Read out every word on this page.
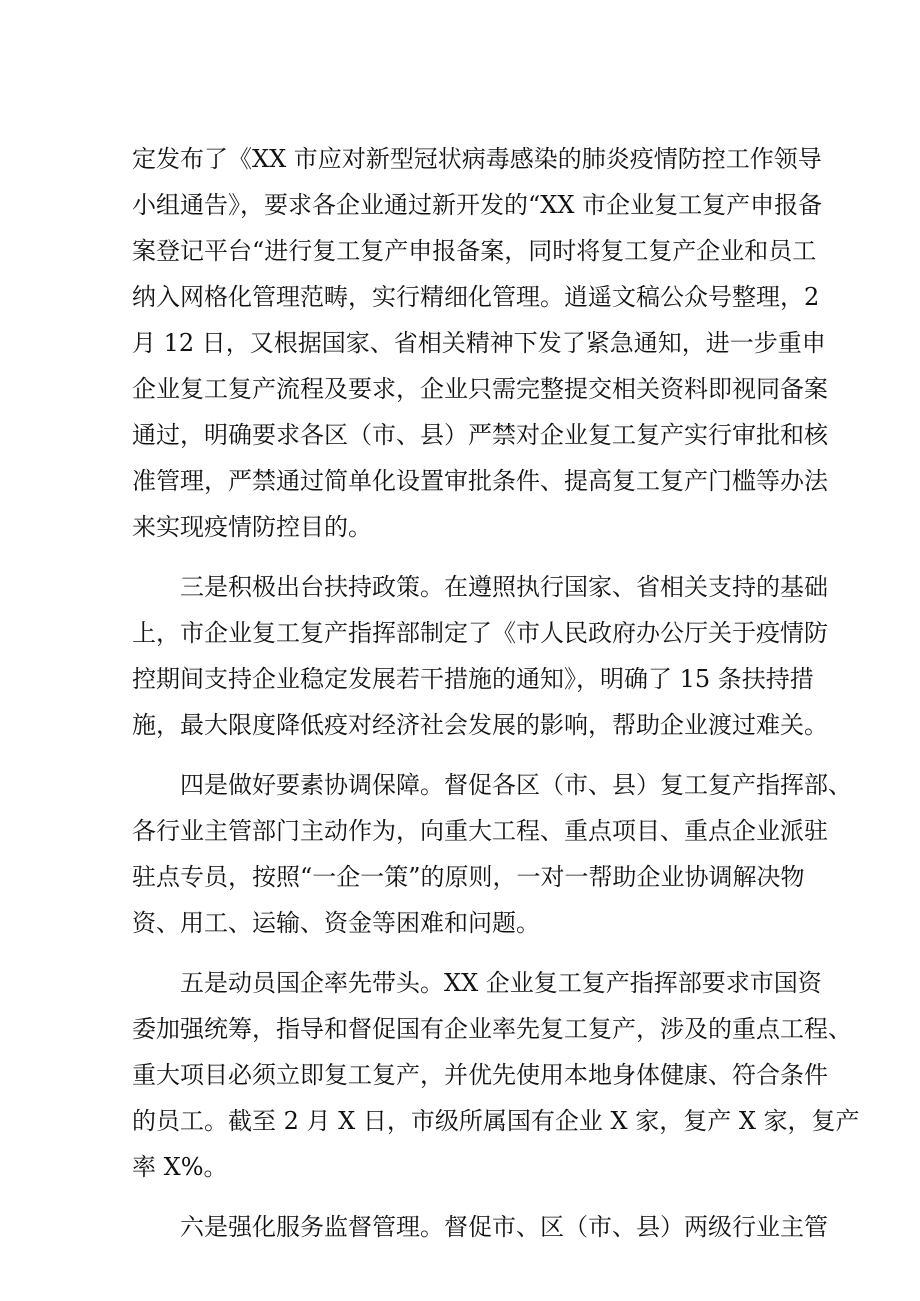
定发布了《XX 市应对新型冠状病毒感染的肺炎疫情防控工作领导
小组通告》，要求各企业通过新开发的“XX 市企业复工复产申报备
案登记平台“进行复工复产申报备案，同时将复工复产企业和员工
纳入网格化管理范畴，实行精细化管理。逍遥文稿公众号整理，2
月 12 日，又根据国家、省相关精神下发了紧急通知，进一步重申
企业复工复产流程及要求，企业只需完整提交相关资料即视同备案
通过，明确要求各区（市、县）严禁对企业复工复产实行审批和核
准管理，严禁通过简单化设置审批条件、提高复工复产门槛等办法
来实现疫情防控目的。
三是积极出台扶持政策。在遵照执行国家、省相关支持的基础
上，市企业复工复产指挥部制定了《市人民政府办公厅关于疫情防
控期间支持企业稳定发展若干措施的通知》，明确了 15 条扶持措
施，最大限度降低疫对经济社会发展的影响，帮助企业渡过难关。
四是做好要素协调保障。督促各区（市、县）复工复产指挥部、
各行业主管部门主动作为，向重大工程、重点项目、重点企业派驻
驻点专员，按照“一企一策”的原则，一对一帮助企业协调解决物
资、用工、运输、资金等困难和问题。
五是动员国企率先带头。XX 企业复工复产指挥部要求市国资
委加强统筹，指导和督促国有企业率先复工复产，涉及的重点工程、
重大项目必须立即复工复产，并优先使用本地身体健康、符合条件
的员工。截至 2 月 X 日，市级所属国有企业 X 家，复产 X 家，复产
率 X%。
六是强化服务监督管理。督促市、区（市、县）两级行业主管
